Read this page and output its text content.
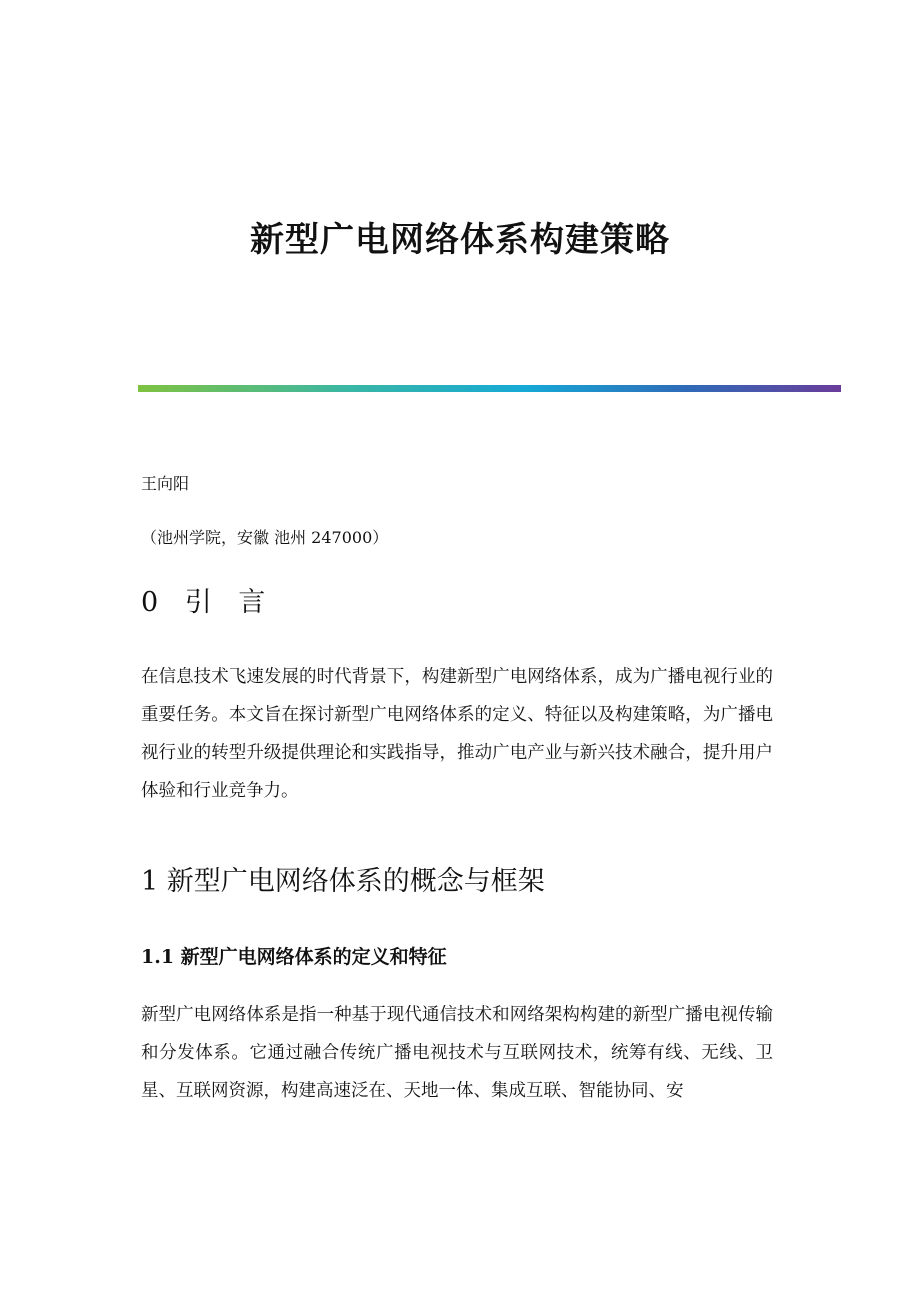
新型广电网络体系构建策略

王向阳

（池州学院，安徽 池州 247000）

0 引 言

在信息技术飞速发展的时代背景下，构建新型广电网络体系，成为广播电视行业的重要任务。本文旨在探讨新型广电网络体系的定义、特征以及构建策略，为广播电视行业的转型升级提供理论和实践指导，推动广电产业与新兴技术融合，提升用户体验和行业竞争力。

1 新型广电网络体系的概念与框架
1.1 新型广电网络体系的定义和特征

新型广电网络体系是指一种基于现代通信技术和网络架构构建的新型广播电视传输和分发体系。它通过融合传统广播电视技术与互联网技术，统筹有线、无线、卫星、互联网资源，构建高速泛在、天地一体、集成互联、智能协同、安
